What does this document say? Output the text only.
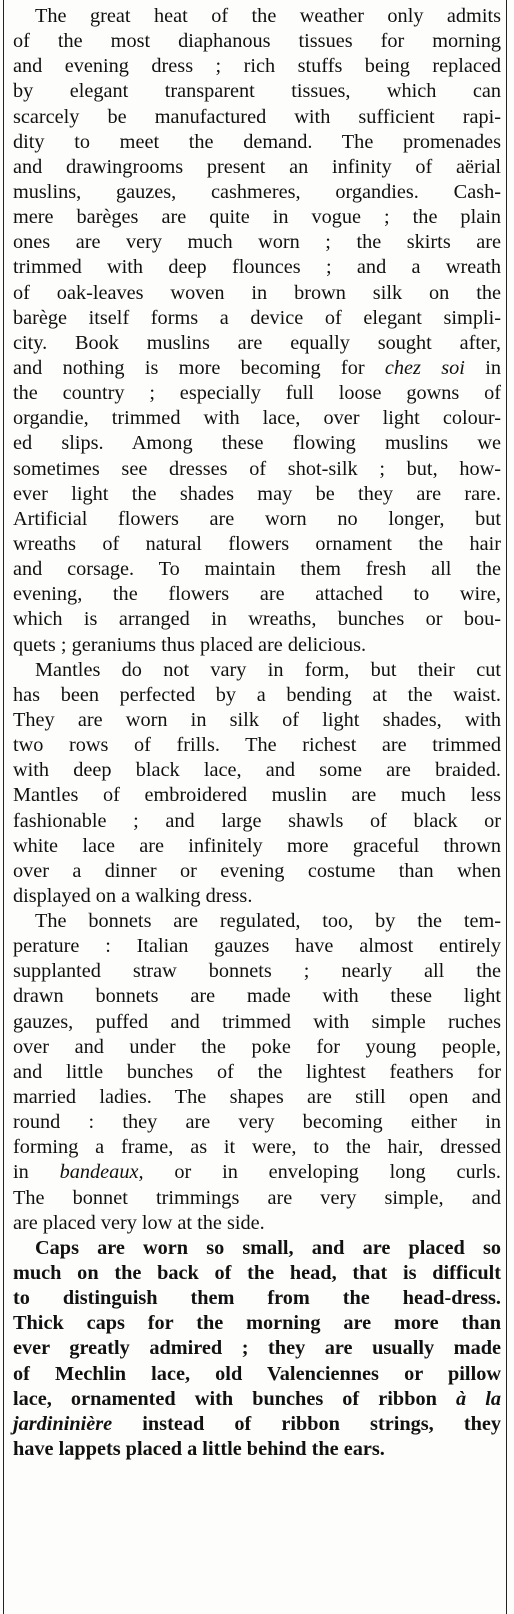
The great heat of the weather only admits
of the most diaphanous tissues for morning
and evening dress ; rich stuffs being replaced
by elegant transparent tissues, which can
scarcely be manufactured with sufficient rapi-
dity to meet the demand. The promenades
and drawingrooms present an infinity of aërial
muslins, gauzes, cashmeres, organdies. Cash-
mere barèges are quite in vogue ; the plain
ones are very much worn ; the skirts are
trimmed with deep flounces ; and a wreath
of oak-leaves woven in brown silk on the
barège itself forms a device of elegant simpli-
city. Book muslins are equally sought after,
and nothing is more becoming for chez soi in
the country ; especially full loose gowns of
organdie, trimmed with lace, over light colour-
ed slips. Among these flowing muslins we
sometimes see dresses of shot-silk ; but, how-
ever light the shades may be they are rare.
Artificial flowers are worn no longer, but
wreaths of natural flowers ornament the hair
and corsage. To maintain them fresh all the
evening, the flowers are attached to wire,
which is arranged in wreaths, bunches or bou-
quets ; geraniums thus placed are delicious.
Mantles do not vary in form, but their cut
has been perfected by a bending at the waist.
They are worn in silk of light shades, with
two rows of frills. The richest are trimmed
with deep black lace, and some are braided.
Mantles of embroidered muslin are much less
fashionable ; and large shawls of black or
white lace are infinitely more graceful thrown
over a dinner or evening costume than when
displayed on a walking dress.
The bonnets are regulated, too, by the tem-
perature : Italian gauzes have almost entirely
supplanted straw bonnets ; nearly all the
drawn bonnets are made with these light
gauzes, puffed and trimmed with simple ruches
over and under the poke for young people,
and little bunches of the lightest feathers for
married ladies. The shapes are still open and
round : they are very becoming either in
forming a frame, as it were, to the hair, dressed
in bandeaux, or in enveloping long curls.
The bonnet trimmings are very simple, and
are placed very low at the side.
Caps are worn so small, and are placed so
much on the back of the head, that is difficult
to distinguish them from the head-dress.
Thick caps for the morning are more than
ever greatly admired ; they are usually made
of Mechlin lace, old Valenciennes or pillow
lace, ornamented with bunches of ribbon à la
jardininière instead of ribbon strings, they
have lappets placed a little behind the ears.
